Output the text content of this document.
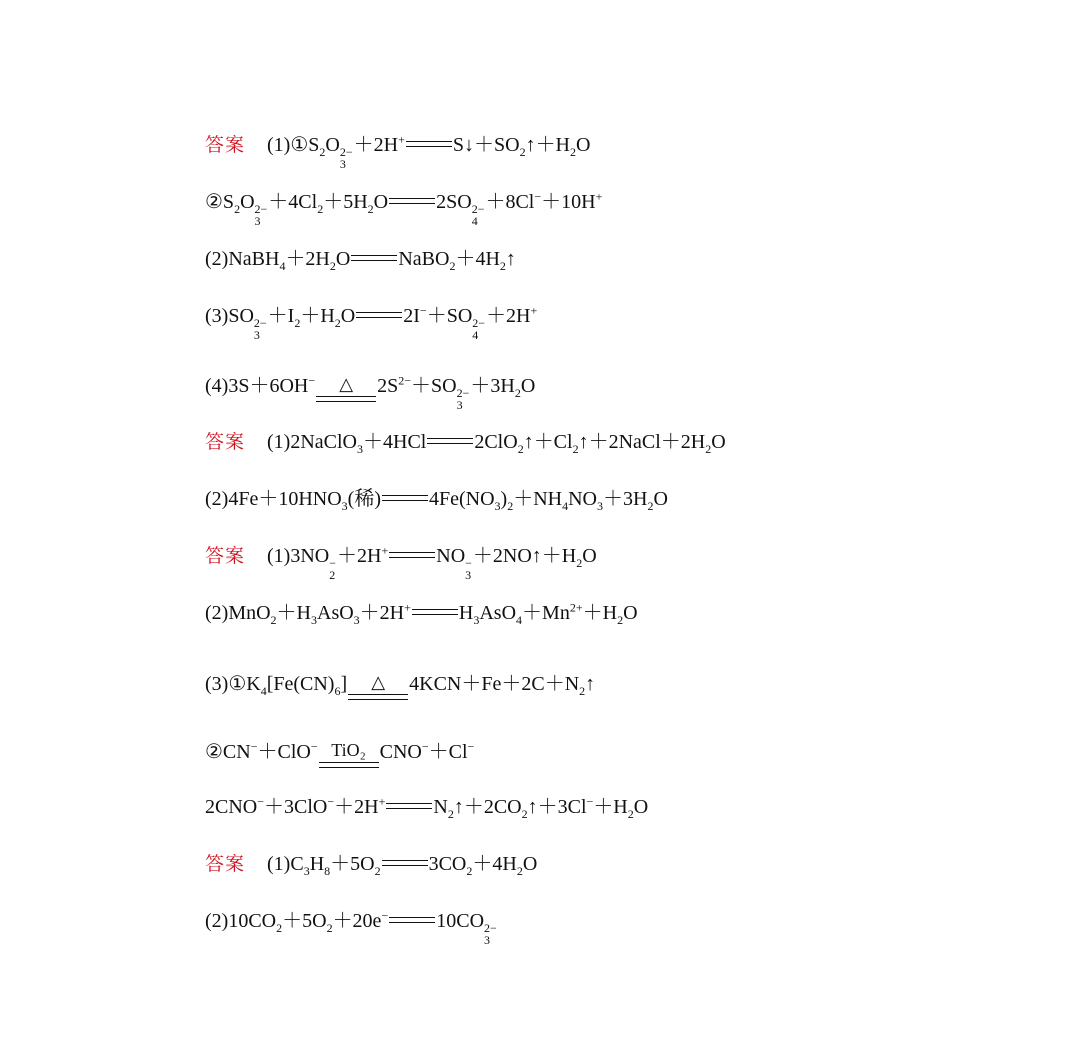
答案 $(1)①S_2O$ 2−
3
＋2H+ $S↓+SO_2↑+H_2O$
$②S_2O$ 2−
3
$+4Cl_2+5H_2O$ 2SO 2−
4
＋8Cl−＋10H+
$(2)NaBH_4+2H_2O$ $NaBO_2+4H_2↑$
(3)SO 2−
3
$+I_2+H_2O$ 2I−＋SO 2−
4
＋2H+
(4)3S＋6OH− △ $2S^{2-}+SO$ 2−
3
$+3H_2O$
答案 (1)2NaClO$_3$＋4HCl $2ClO_2↑+Cl_2↑+2NaCl+2H_2O$
$(2)4Fe+10HNO_3$(稀) $4Fe(NO_3)_2+NH_4NO_3+3H_2O$
答案 (1)3NO −
2
＋2H+ NO −
3
$+2NO↑+H_2O$
$(2)MnO_2+H_3AsO_3+2H^+$ $H_3AsO_4+Mn^{2+}+H_2O$
$(3)①K_4[Fe(CN)_6]$ △ $4KCN+Fe+2C+N_2↑$
②CN−＋ClO− TiO₂ CNO−＋Cl−
2CNO−＋3ClO−＋2H+ $N_2↑+2CO_2↑+3Cl^-+H_2O$
答案 $(1)C_3H_8+5O_2$ $3CO_2+4H_2O$
$(2)10CO_2+5O_2+20e^-$ 10CO 2−
3
